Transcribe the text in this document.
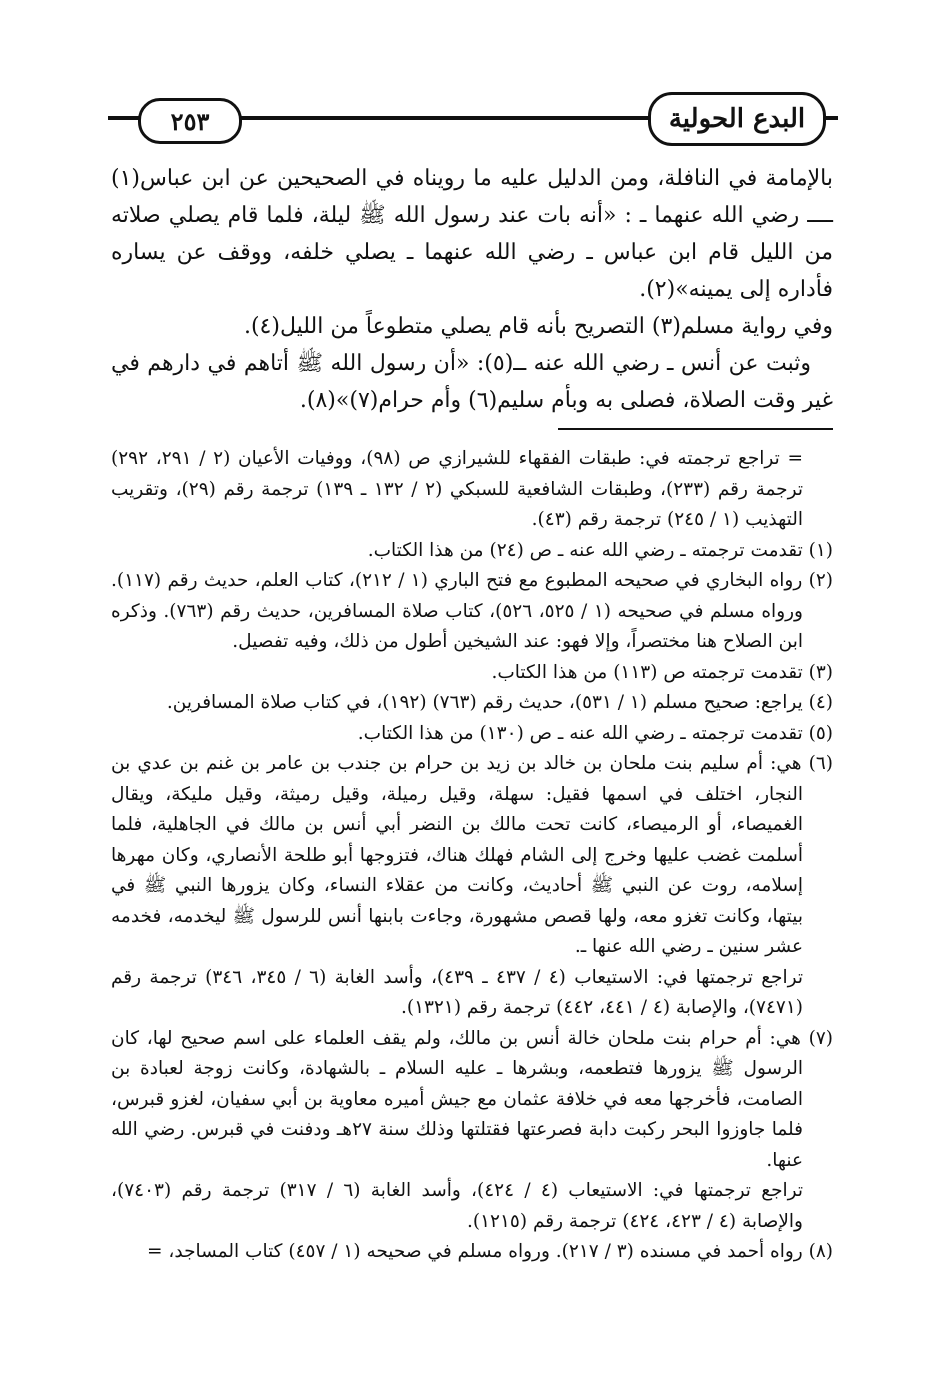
٢٥٣	البدع الحولية

بالإمامة في النافلة، ومن الدليل عليه ما رويناه في الصحيحين عن ابن عباس(١) ــــ رضي الله عنهما ـ : «أنه بات عند رسول الله ﷺ ليلة، فلما قام يصلي صلاته من الليل قام ابن عباس ـ رضي الله عنهما ـ يصلي خلفه، ووقف عن يساره فأداره إلى يمينه»(٢).

وفي رواية مسلم(٣) التصريح بأنه قام يصلي متطوعاً من الليل(٤).

وثبت عن أنس ـ رضي الله عنه ــ(٥): «أن رسول الله ﷺ أتاهم في دارهم في غير وقت الصلاة، فصلى به وبأم سليم(٦) وأم حرام(٧)»(٨).

= تراجع ترجمته في: طبقات الفقهاء للشيرازي ص (٩٨)، ووفيات الأعيان (٢ / ٢٩١، ٢٩٢) ترجمة رقم (٢٣٣)، وطبقات الشافعية للسبكي (٢ / ١٣٢ ـ ١٣٩) ترجمة رقم (٢٩)، وتقريب التهذيب (١ / ٢٤٥) ترجمة رقم (٤٣).

(١) تقدمت ترجمته ـ رضي الله عنه ـ ص (٢٤) من هذا الكتاب.

(٢) رواه البخاري في صحيحه المطبوع مع فتح الباري (١ / ٢١٢)، كتاب العلم، حديث رقم (١١٧). ورواه مسلم في صحيحه (١ / ٥٢٥، ٥٢٦)، كتاب صلاة المسافرين، حديث رقم (٧٦٣). وذكره ابن الصلاح هنا مختصراً، وإلا فهو: عند الشيخين أطول من ذلك، وفيه تفصيل.

(٣) تقدمت ترجمته ص (١١٣) من هذا الكتاب.

(٤) يراجع: صحيح مسلم (١ / ٥٣١)، حديث رقم (٧٦٣) (١٩٢)، في كتاب صلاة المسافرين.

(٥) تقدمت ترجمته ـ رضي الله عنه ـ ص (١٣٠) من هذا الكتاب.

(٦) هي: أم سليم بنت ملحان بن خالد بن زيد بن حرام بن جندب بن عامر بن غنم بن عدي بن النجار، اختلف في اسمها فقيل: سهلة، وقيل رميلة، وقيل رميثة، وقيل مليكة، ويقال الغميصاء، أو الرميصاء، كانت تحت مالك بن النضر أبي أنس بن مالك في الجاهلية، فلما أسلمت غضب عليها وخرج إلى الشام فهلك هناك، فتزوجها أبو طلحة الأنصاري، وكان مهرها إسلامه، روت عن النبي ﷺ أحاديث، وكانت من عقلاء النساء، وكان يزورها النبي ﷺ في بيتها، وكانت تغزو معه، ولها قصص مشهورة، وجاءت بابنها أنس للرسول ﷺ ليخدمه، فخدمه عشر سنين ـ رضي الله عنها ـ.

تراجع ترجمتها في: الاستيعاب (٤ / ٤٣٧ ـ ٤٣٩)، وأسد الغابة (٦ / ٣٤٥، ٣٤٦) ترجمة رقم (٧٤٧١)، والإصابة (٤ / ٤٤١، ٤٤٢) ترجمة رقم (١٣٢١).

(٧) هي: أم حرام بنت ملحان خالة أنس بن مالك، ولم يقف العلماء على اسم صحيح لها، كان الرسول ﷺ يزورها فتطعمه، وبشرها ـ عليه السلام ـ بالشهادة، وكانت زوجة لعبادة بن الصامت، فأخرجها معه في خلافة عثمان مع جيش أميره معاوية بن أبي سفيان، لغزو قبرس، فلما جاوزوا البحر ركبت دابة فصرعتها فقتلتها وذلك سنة ٢٧هـ ودفنت في قبرس. رضي الله عنها.

تراجع ترجمتها في: الاستيعاب (٤ / ٤٢٤)، وأسد الغابة (٦ / ٣١٧) ترجمة رقم (٧٤٠٣)، والإصابة (٤ / ٤٢٣، ٤٢٤) ترجمة رقم (١٢١٥).

(٨) رواه أحمد في مسنده (٣ / ٢١٧). ورواه مسلم في صحيحه (١ / ٤٥٧) كتاب المساجد، =
